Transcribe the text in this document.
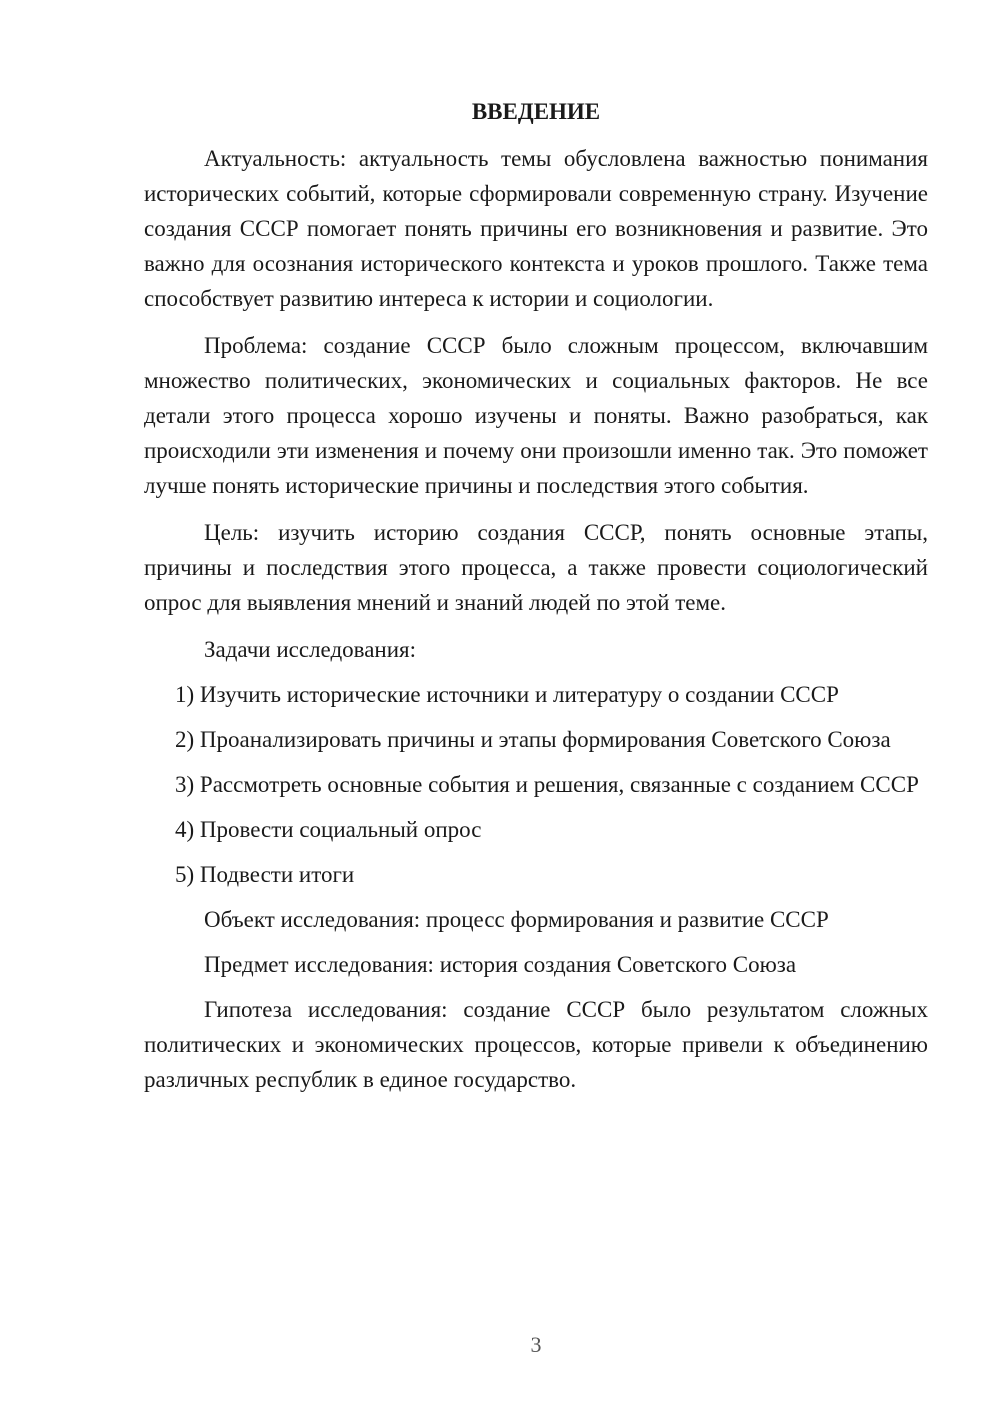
ВВЕДЕНИЕ

Актуальность: актуальность темы обусловлена важностью понимания исторических событий, которые сформировали современную страну. Изучение создания СССР помогает понять причины его возникновения и развитие. Это важно для осознания исторического контекста и уроков прошлого. Также тема способствует развитию интереса к истории и социологии.

Проблема: создание СССР было сложным процессом, включавшим множество политических, экономических и социальных факторов. Не все детали этого процесса хорошо изучены и поняты. Важно разобраться, как происходили эти изменения и почему они произошли именно так. Это поможет лучше понять исторические причины и последствия этого события.

Цель: изучить историю создания СССР, понять основные этапы, причины и последствия этого процесса, а также провести социологический опрос для выявления мнений и знаний людей по этой теме.

Задачи исследования:

1) Изучить исторические источники и литературу о создании СССР

2) Проанализировать причины и этапы формирования Советского Союза

3) Рассмотреть основные события и решения, связанные с созданием СССР

4) Провести социальный опрос

5) Подвести итоги

Объект исследования: процесс формирования и развитие СССР

Предмет исследования: история создания Советского Союза

Гипотеза исследования: создание СССР было результатом сложных политических и экономических процессов, которые привели к объединению различных республик в единое государство.

3
